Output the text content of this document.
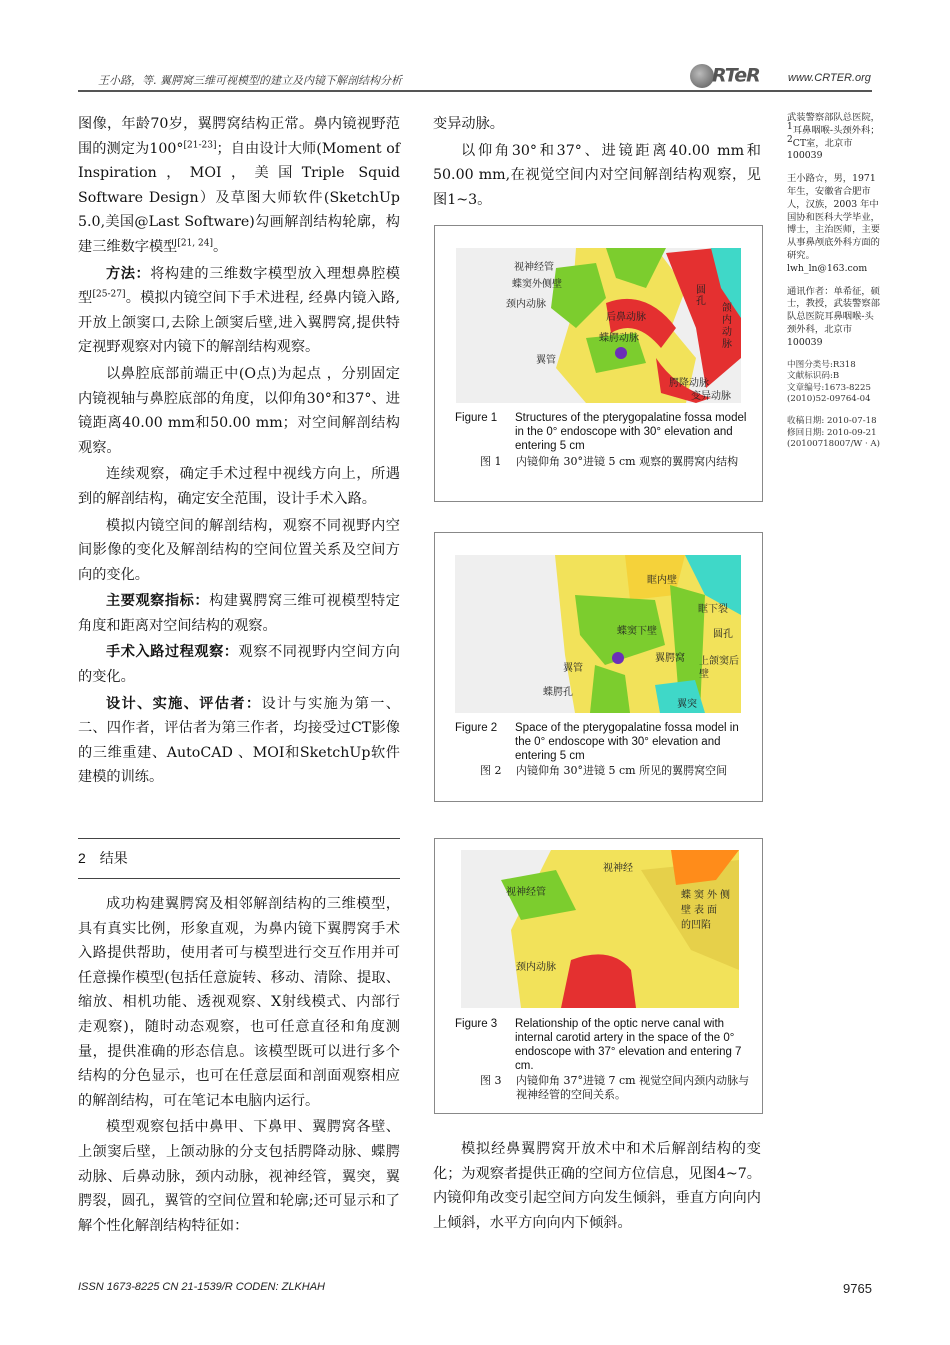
王小路，等. 翼腭窝三维可视模型的建立及内镜下解剖结构分析	RTeR	www.CRTER.org

图像，年龄70岁，翼腭窝结构正常。鼻内镜视野范围的测定为100°[21-23]；自由设计大师(Moment of Inspiration，MOI，美国Triple Squid Software Design）及草图大师软件(SketchUp 5.0,美国@Last Software)勾画解剖结构轮廓，构建三维数字模型[21, 24]。

方法：将构建的三维数字模型放入理想鼻腔模 型[25-27]。模拟内镜空间下手术进程, 经鼻内镜入路,开放上颌窦口,去除上颌窦后壁,进入翼腭窝,提供特定视野观察对内镜下的解剖结构观察。

以鼻腔底部前端正中(O点)为起点 ，分别固定内镜视轴与鼻腔底部的角度，以仰角30°和37°、进镜距离40.00 mm和50.00 mm；对空间解剖结构观察。

连续观察，确定手术过程中视线方向上，所遇到的解剖结构，确定安全范围，设计手术入路。

模拟内镜空间的解剖结构，观察不同视野内空间影像的变化及解剖结构的空间位置关系及空间方向的变化。

主要观察指标：构建翼腭窝三维可视模型特定角度和距离对空间结构的观察。

手术入路过程观察：观察不同视野内空间方向的变化。

设计、实施、评估者：设计与实施为第一、二、四作者，评估者为第三作者，均接受过CT影像的三维重建、AutoCAD 、MOI和SketchUp软件建模的训练。

2　结果

成功构建翼腭窝及相邻解剖结构的三维模型，具有真实比例，形象直观，为鼻内镜下翼腭窝手术入路提供帮助，使用者可与模型进行交互作用并可任意操作模型(包括任意旋转、移动、清除、提取、缩放、相机功能、透视观察、X射线模式、内部行走观察)，随时动态观察，也可任意直径和角度测量，提供准确的形态信息。该模型既可以进行多个结构的分色显示，也可在任意层面和剖面观察相应的解剖结构，可在笔记本电脑内运行。

模型观察包括中鼻甲、下鼻甲、翼腭窝各壁、上颌窦后壁，上颌动脉的分支包括腭降动脉、蝶腭动脉、后鼻动脉，颈内动脉，视神经管，翼突，翼腭裂，圆孔，翼管的空间位置和轮廓;还可显示和了解个性化解剖结构特征如：

变异动脉。

以仰角30°和37°、进镜距离40.00 mm和50.00 mm,在视觉空间内对空间解剖结构观察，见图1~3。

模拟经鼻翼腭窝开放术中和术后解剖结构的变化；为观察者提供正确的空间方位信息，见图4~7。内镜仰角改变引起空间方向发生倾斜，垂直方向向内上倾斜，水平方向向内下倾斜。

视神经管
蝶窦外侧壁
颈内动脉
后鼻动脉
蝶腭动脉
翼管
圆孔
颌内动脉
腭降动脉
变异动脉
Figure 1 Structures of the pterygopalatine fossa model in the 0° endoscope with 30° elevation and entering 5 cm
图 1 内镜仰角 30°进镜 5 cm 观察的翼腭窝内结构
眶内壁
眶下裂
蝶窦下壁	圆孔
翼腭窝
翼管
上颌窦后壁
蝶腭孔
翼突
Figure 2 Space of the pterygopalatine fossa model in the 0° endoscope with 30° elevation and entering 5 cm
图 2 内镜仰角 30°进镜 5 cm 所见的翼腭窝空间
视神经
视神经管	蝶窦外侧
壁表面
的凹陷
颈内动脉
Figure 3 Relationship of the optic nerve canal with internal carotid artery in the space of the 0° endoscope with 37° elevation and entering 7 cm.
图 3 内镜仰角 37°进镜 7 cm 视觉空间内颈内动脉与视神经管的空间关系。

武装警察部队总医院，1耳鼻咽喉-头颈外科；2CT室，北京市 100039

王小路☆，男，1971 年生，安徽省合肥市人，汉族，2003 年中国协和医科大学毕业，博士，主治医师，主要从事鼻颅底外科方面的研究。
lwh_ln@163.com

通讯作者：单希征，硕士，教授，武装警察部队总医院耳鼻咽喉-头颈外科，北京市 100039

中图分类号:R318
文献标识码:B
文章编号:1673-8225
(2010)52-09764-04

收稿日期: 2010-07-18
修回日期: 2010-09-21
(20100718007/W · A)

ISSN 1673-8225 CN 21-1539/R CODEN: ZLKHAH	9765
